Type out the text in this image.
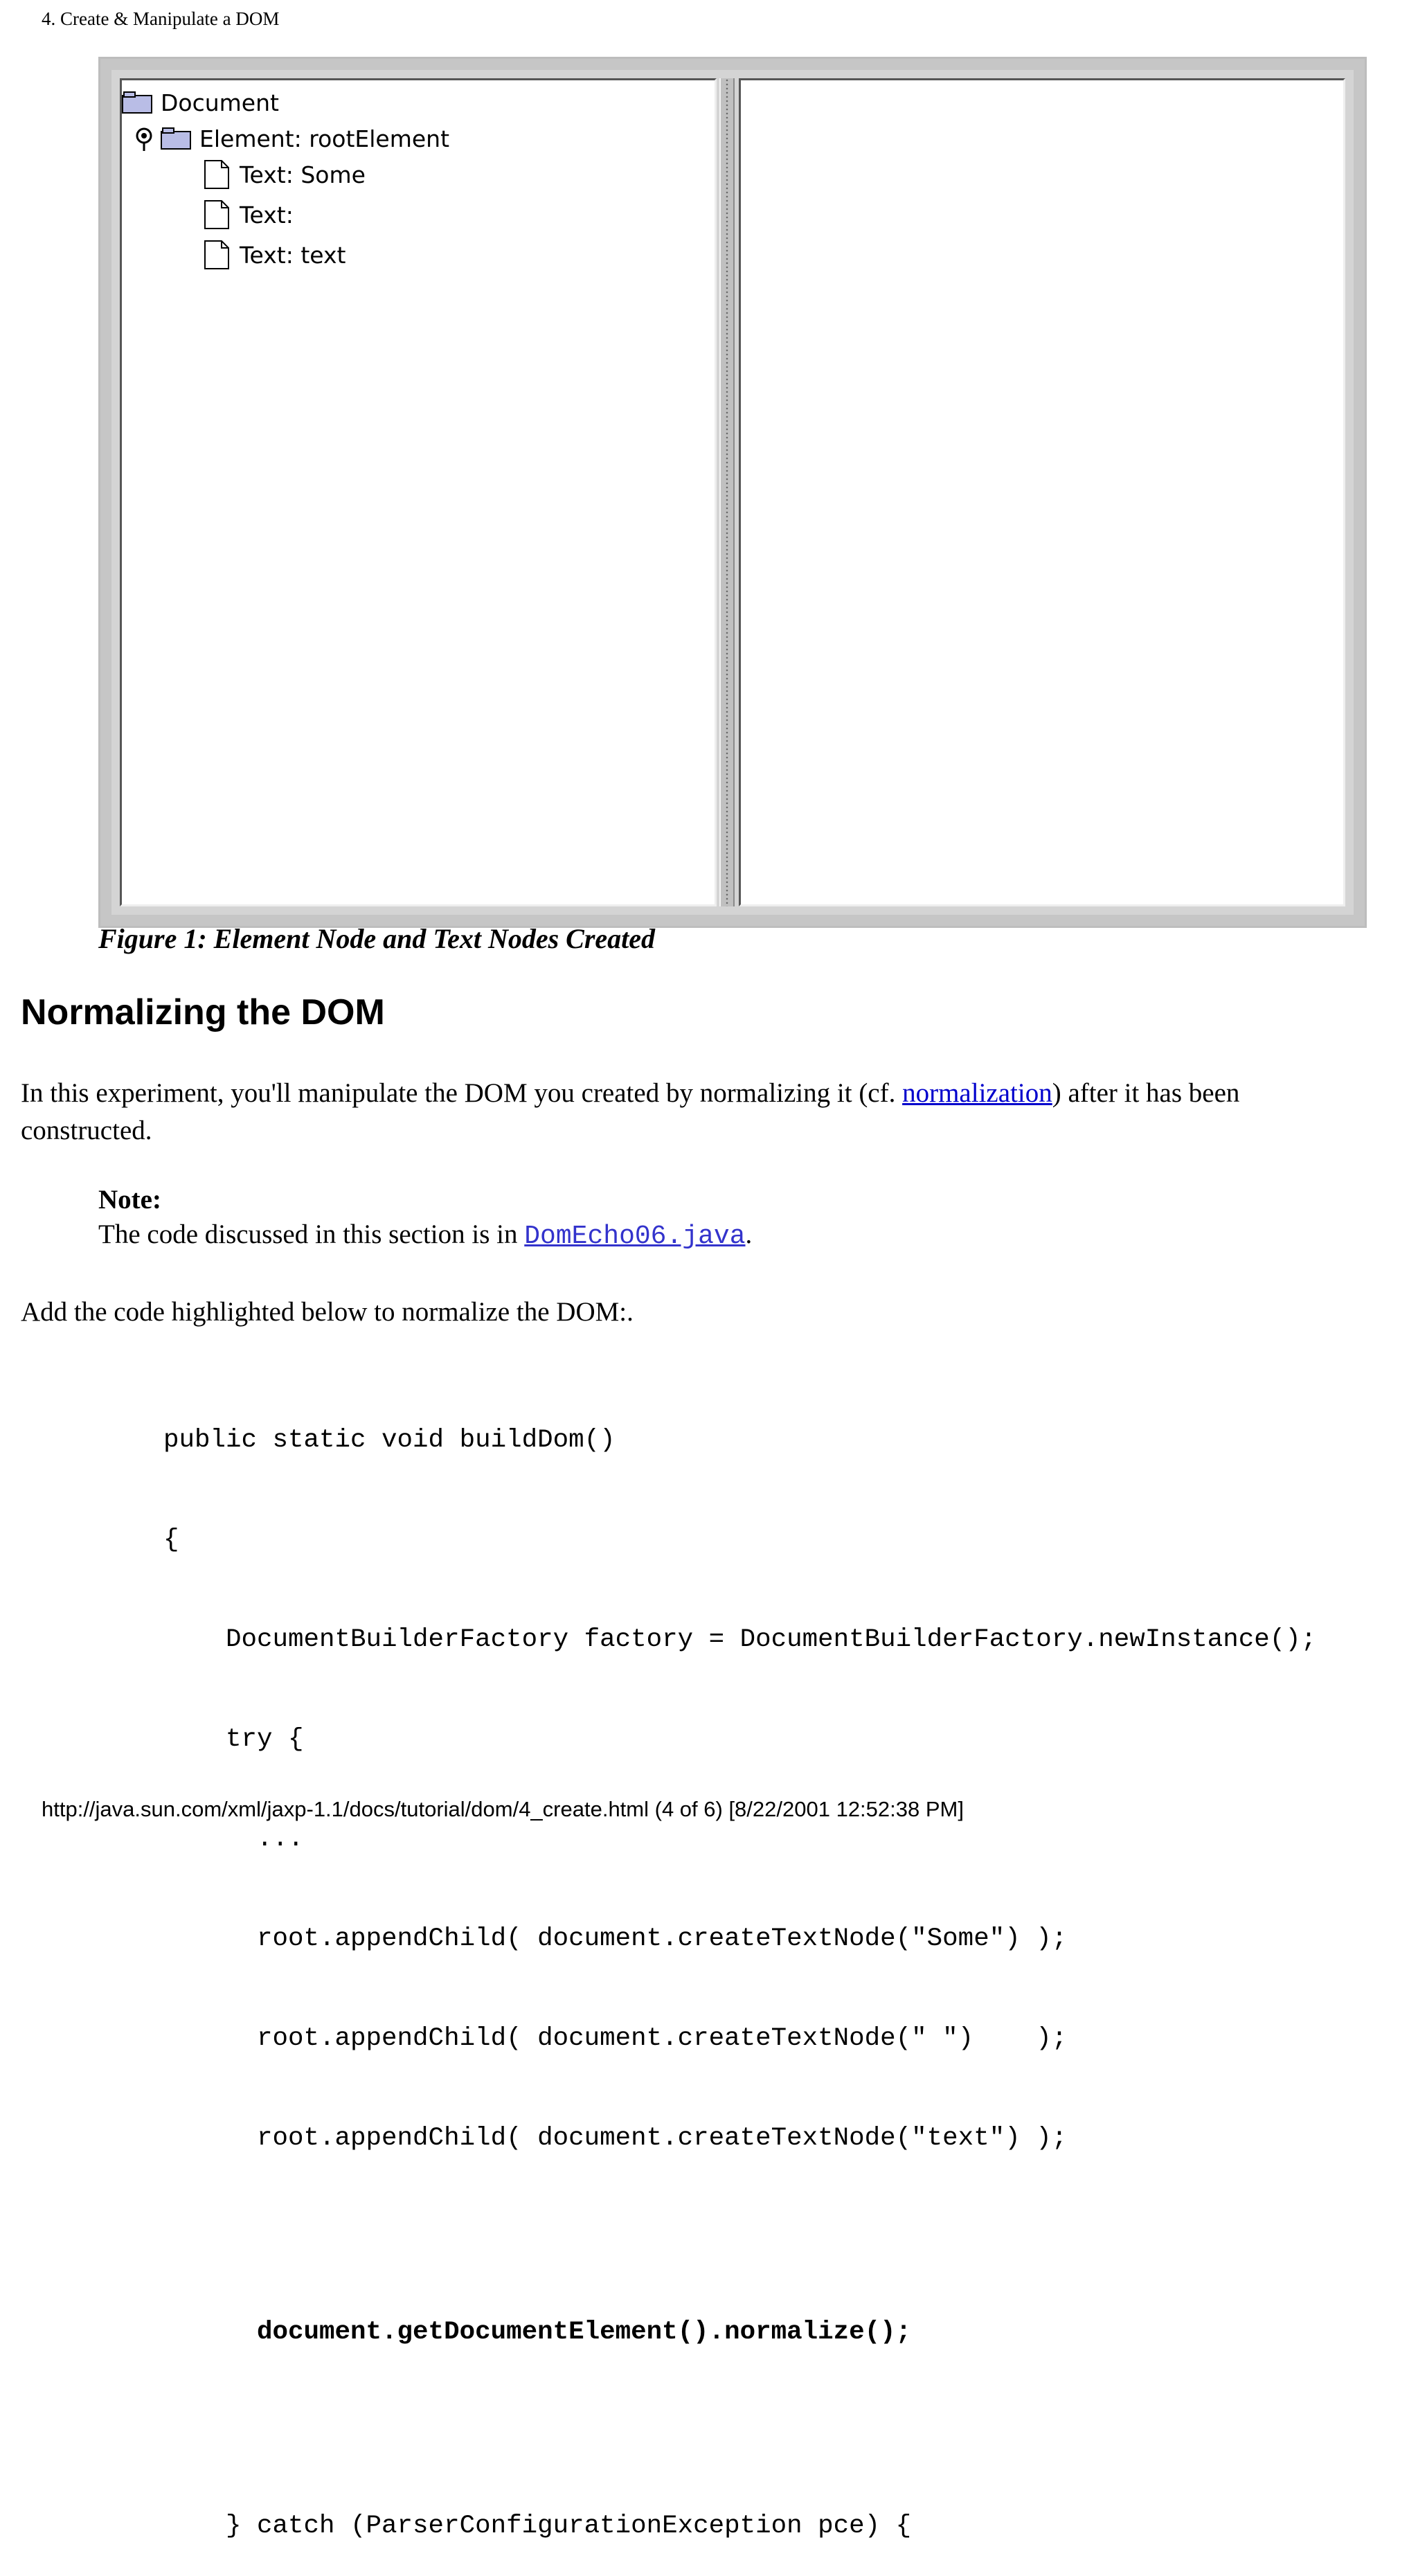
4. Create & Manipulate a DOM
Document
Element: rootElement
Text: Some
Text:
Text: text
Figure 1: Element Node and Text Nodes Created
Normalizing the DOM

In this experiment, you'll manipulate the DOM you created by normalizing it (cf. normalization) after it has been constructed.

Note:
The code discussed in this section is in DomEcho06.java.

Add the code highlighted below to normalize the DOM:.

public static void buildDom()

{

DocumentBuilderFactory factory = DocumentBuilderFactory.newInstance();

try {

...

root.appendChild( document.createTextNode("Some") );

root.appendChild( document.createTextNode(" ")    );

root.appendChild( document.createTextNode("text") );

document.getDocumentElement().normalize();

} catch (ParserConfigurationException pce) {

http://java.sun.com/xml/jaxp-1.1/docs/tutorial/dom/4_create.html (4 of 6) [8/22/2001 12:52:38 PM]
